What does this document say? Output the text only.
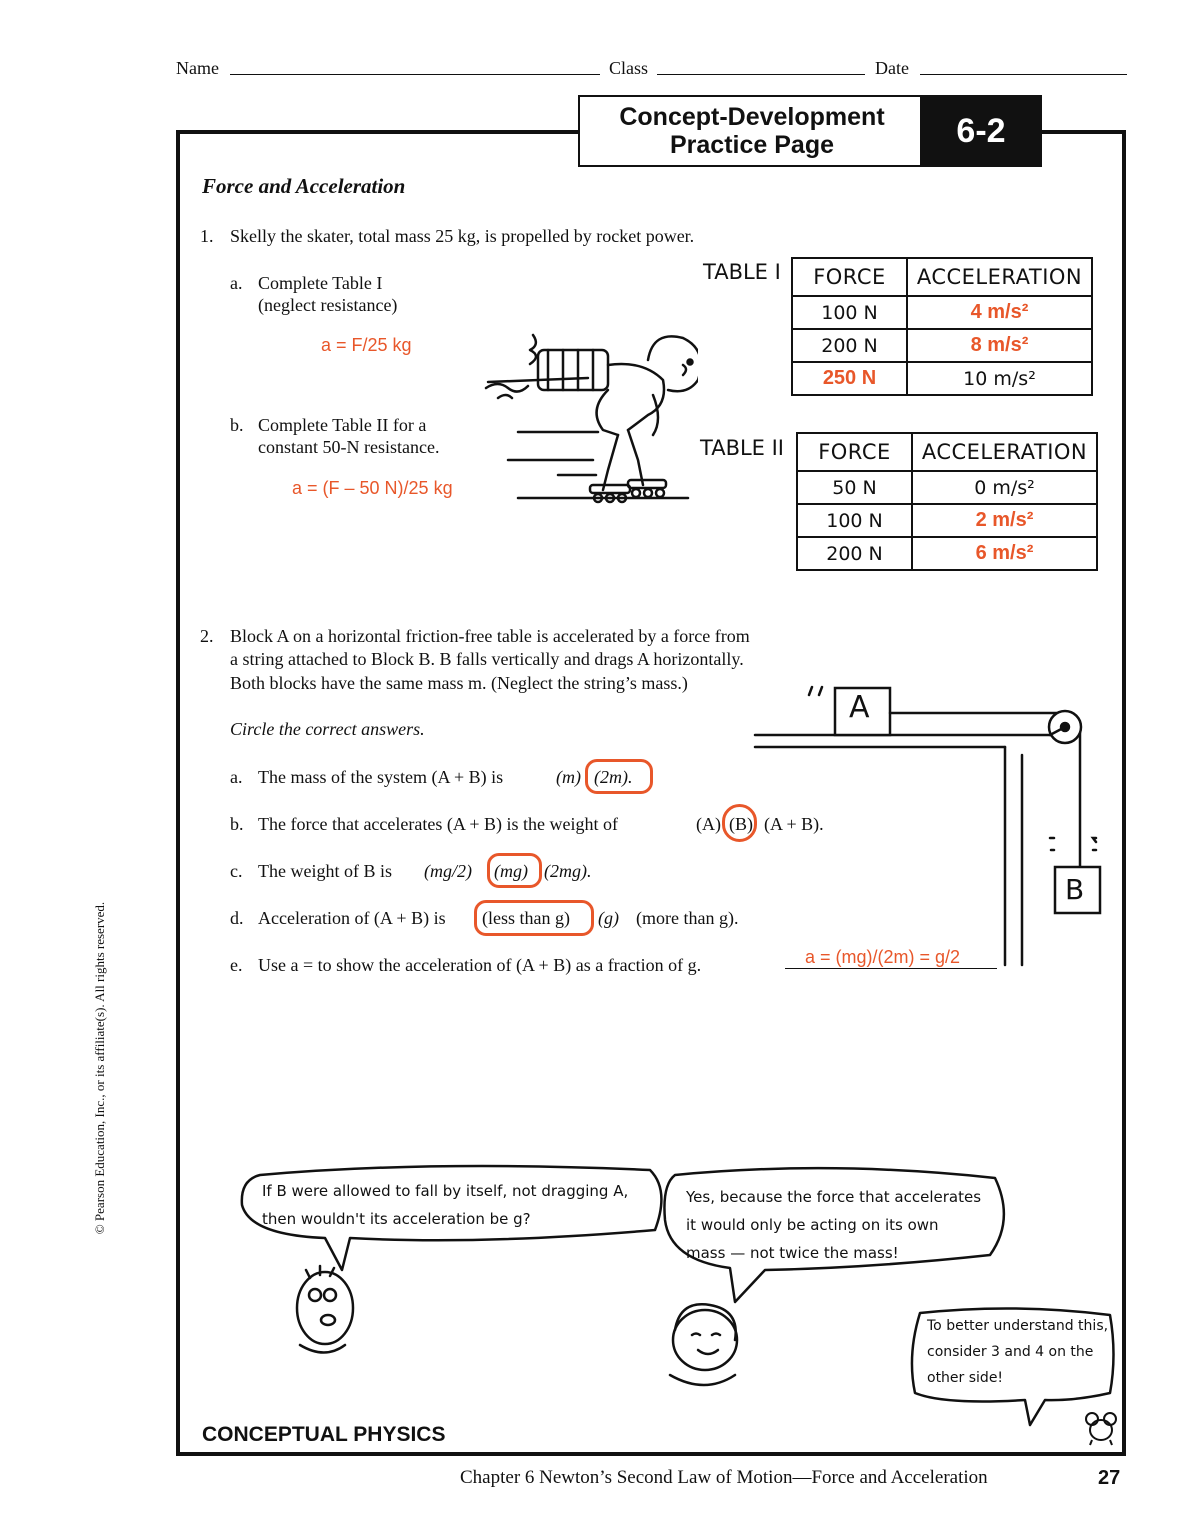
Name	Class	Date
Concept-Development
Practice Page	6-2
Force and Acceleration
1. Skelly the skater, total mass 25 kg, is propelled by rocket power.
a. Complete Table I
(neglect resistance)
a = F/25 kg
b. Complete Table II for a
constant 50-N resistance.
a = (F – 50 N)/25 kg
TABLE I FORCE	ACCELERATION
100 N	4 m/s²
200 N	8 m/s²
250 N	10 m/s²
TABLE II FORCE	ACCELERATION
50 N	0 m/s²
100 N	2 m/s²
200 N	6 m/s²
2. Block A on a horizontal friction-free table is accelerated by a force from
a string attached to Block B. B falls vertically and drags A horizontally.
Both blocks have the same mass m. (Neglect the string’s mass.)
Circle the correct answers.
A
B
a. The mass of the system (A + B) is	(m) (2m).
b. The force that accelerates (A + B) is the weight of	(A) (B) (A + B).
c. The weight of B is (mg/2) (mg) (2mg).
d. Acceleration of (A + B) is (less than g) (g) (more than g).
e. Use a = to show the acceleration of (A + B) as a fraction of g.	a = (mg)/(2m) = g/2
If B were allowed to fall by itself, not dragging A,
then wouldn't its acceleration be g?
Yes, because the force that accelerates
it would only be acting on its own
mass — not twice the mass!
To better understand this,
consider 3 and 4 on the
other side!
CONCEPTUAL PHYSICS
Chapter 6 Newton’s Second Law of Motion—Force and Acceleration	27
© Pearson Education, Inc., or its affiliate(s). All rights reserved.
